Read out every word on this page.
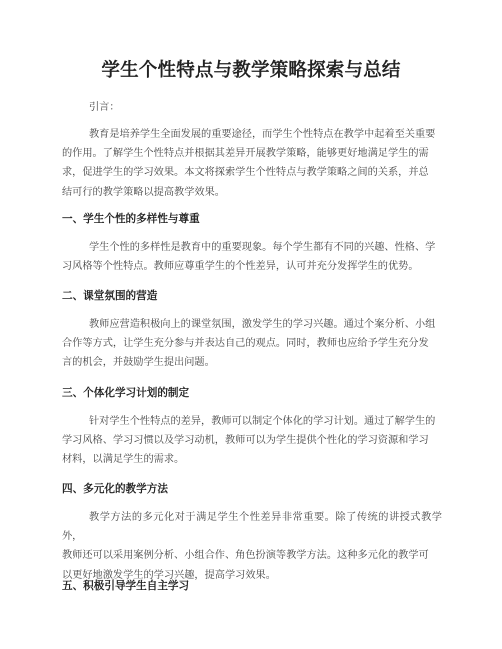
学生个性特点与教学策略探索与总结
引言：

教育是培养学生全面发展的重要途径，而学生个性特点在教学中起着至关重要
的作用。了解学生个性特点并根据其差异开展教学策略，能够更好地满足学生的需
求，促进学生的学习效果。本文将探索学生个性特点与教学策略之间的关系，并总
结可行的教学策略以提高教学效果。

一、学生个性的多样性与尊重

学生个性的多样性是教育中的重要现象。每个学生都有不同的兴趣、性格、学
习风格等个性特点。教师应尊重学生的个性差异，认可并充分发挥学生的优势。

二、课堂氛围的营造

教师应营造积极向上的课堂氛围，激发学生的学习兴趣。通过个案分析、小组
合作等方式，让学生充分参与并表达自己的观点。同时，教师也应给予学生充分发
言的机会，并鼓励学生提出问题。

三、个体化学习计划的制定

针对学生个性特点的差异，教师可以制定个体化的学习计划。通过了解学生的
学习风格、学习习惯以及学习动机，教师可以为学生提供个性化的学习资源和学习
材料，以满足学生的需求。

四、多元化的教学方法

教学方法的多元化对于满足学生个性差异非常重要。除了传统的讲授式教学外，
教师还可以采用案例分析、小组合作、角色扮演等教学方法。这种多元化的教学可
以更好地激发学生的学习兴趣，提高学习效果。

五、积极引导学生自主学习
